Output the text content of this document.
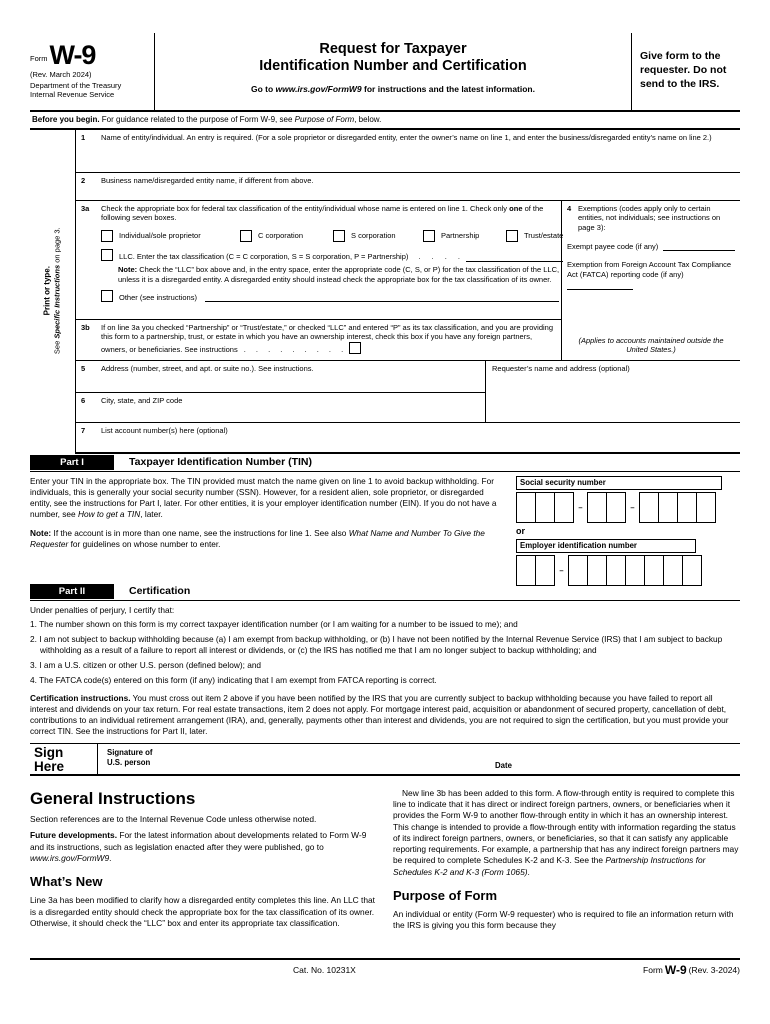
Form W-9
(Rev. March 2024)
Department of the Treasury
Internal Revenue Service
Request for Taxpayer
Identification Number and Certification
Go to www.irs.gov/FormW9 for instructions and the latest information.
Give form to the requester. Do not send to the IRS.
Before you begin. For guidance related to the purpose of Form W-9, see Purpose of Form, below.
Print or type.
See Specific Instructions on page 3.
1	Name of entity/individual. An entry is required. (For a sole proprietor or disregarded entity, enter the owner’s name on line 1, and enter the business/disregarded entity’s name on line 2.)
2	Business name/disregarded entity name, if different from above.
3a	Check the appropriate box for federal tax classification of the entity/individual whose name is entered on line 1. Check only one of the following seven boxes.
Individual/sole proprietor	C corporation	S corporation	Partnership	Trust/estate
LLC. Enter the tax classification (C = C corporation, S = S corporation, P = Partnership) . . . .
Note: Check the “LLC” box above and, in the entry space, enter the appropriate code (C, S, or P) for the tax classification of the LLC, unless it is a disregarded entity. A disregarded entity should instead check the appropriate box for the tax classification of its owner.
Other (see instructions)
3b	If on line 3a you checked “Partnership” or “Trust/estate,” or checked “LLC” and entered “P” as its tax classification, and you are providing this form to a partnership, trust, or estate in which you have an ownership interest, check this box if you have any foreign partners, owners, or beneficiaries. See instructions . . . . . . . . .
4 Exemptions (codes apply only to certain entities, not individuals; see instructions on page 3):
Exempt payee code (if any)
Exemption from Foreign Account Tax Compliance Act (FATCA) reporting code (if any)
(Applies to accounts maintained outside the United States.)
5	Address (number, street, and apt. or suite no.). See instructions.
6	City, state, and ZIP code
Requester’s name and address (optional)
7	List account number(s) here (optional)
Part I	Taxpayer Identification Number (TIN)
Enter your TIN in the appropriate box. The TIN provided must match the name given on line 1 to avoid backup withholding. For individuals, this is generally your social security number (SSN). However, for a resident alien, sole proprietor, or disregarded entity, see the instructions for Part I, later. For other entities, it is your employer identification number (EIN). If you do not have a number, see How to get a TIN, later.
Note: If the account is in more than one name, see the instructions for line 1. See also What Name and Number To Give the Requester for guidelines on whose number to enter.
Social security number
–	–
or
Employer identification number
–
Part II	Certification
Under penalties of perjury, I certify that:
1. The number shown on this form is my correct taxpayer identification number (or I am waiting for a number to be issued to me); and
2. I am not subject to backup withholding because (a) I am exempt from backup withholding, or (b) I have not been notified by the Internal Revenue Service (IRS) that I am subject to backup withholding as a result of a failure to report all interest or dividends, or (c) the IRS has notified me that I am no longer subject to backup withholding; and
3. I am a U.S. citizen or other U.S. person (defined below); and
4. The FATCA code(s) entered on this form (if any) indicating that I am exempt from FATCA reporting is correct.
Certification instructions. You must cross out item 2 above if you have been notified by the IRS that you are currently subject to backup withholding because you have failed to report all interest and dividends on your tax return. For real estate transactions, item 2 does not apply. For mortgage interest paid, acquisition or abandonment of secured property, cancellation of debt, contributions to an individual retirement arrangement (IRA), and, generally, payments other than interest and dividends, you are not required to sign the certification, but you must provide your correct TIN. See the instructions for Part II, later.
Sign
Here
Signature of
U.S. person	Date
General Instructions
Section references are to the Internal Revenue Code unless otherwise noted.
Future developments. For the latest information about developments related to Form W-9 and its instructions, such as legislation enacted after they were published, go to www.irs.gov/FormW9.
What’s New
Line 3a has been modified to clarify how a disregarded entity completes this line. An LLC that is a disregarded entity should check the appropriate box for the tax classification of its owner. Otherwise, it should check the “LLC” box and enter its appropriate tax classification.
New line 3b has been added to this form. A flow-through entity is required to complete this line to indicate that it has direct or indirect foreign partners, owners, or beneficiaries when it provides the Form W-9 to another flow-through entity in which it has an ownership interest. This change is intended to provide a flow-through entity with information regarding the status of its indirect foreign partners, owners, or beneficiaries, so that it can satisfy any applicable reporting requirements. For example, a partnership that has any indirect foreign partners may be required to complete Schedules K-2 and K-3. See the Partnership Instructions for Schedules K-2 and K-3 (Form 1065).
Purpose of Form
An individual or entity (Form W-9 requester) who is required to file an information return with the IRS is giving you this form because they
Cat. No. 10231X	Form W-9 (Rev. 3-2024)
